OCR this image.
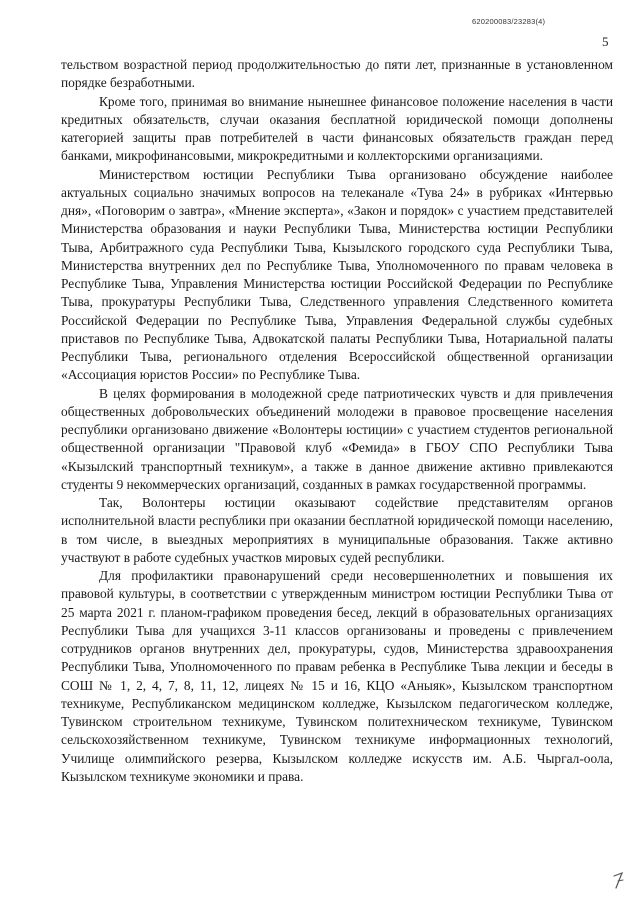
620200083/23283(4)
5

тельством возрастной период продолжительностью до пяти лет, признанные в установленном порядке безработными.

Кроме того, принимая во внимание нынешнее финансовое положение населения в части кредитных обязательств, случаи оказания бесплатной юридической помощи дополнены категорией защиты прав потребителей в части финансовых обязательств граждан перед банками, микрофинансовыми, микрокредитными и коллекторскими организациями.

Министерством юстиции Республики Тыва организовано обсуждение наиболее актуальных социально значимых вопросов на телеканале «Тува 24» в рубриках «Интервью дня», «Поговорим о завтра», «Мнение эксперта», «Закон и порядок» с участием представителей Министерства образования и науки Республики Тыва, Министерства юстиции Республики Тыва, Арбитражного суда Республики Тыва, Кызылского городского суда Республики Тыва, Министерства внутренних дел по Республике Тыва, Уполномоченного по правам человека в Республике Тыва, Управления Министерства юстиции Российской Федерации по Республике Тыва, прокуратуры Республики Тыва, Следственного управления Следственного комитета Российской Федерации по Республике Тыва, Управления Федеральной службы судебных приставов по Республике Тыва, Адвокатской палаты Республики Тыва, Нотариальной палаты Республики Тыва, регионального отделения Всероссийской общественной организации «Ассоциация юристов России» по Республике Тыва.

В целях формирования в молодежной среде патриотических чувств и для привлечения общественных добровольческих объединений молодежи в правовое просвещение населения республики организовано движение «Волонтеры юстиции» с участием студентов региональной общественной организации "Правовой клуб «Фемида» в ГБОУ СПО Республики Тыва «Кызылский транспортный техникум», а также в данное движение активно привлекаются студенты 9 некоммерческих организаций, созданных в рамках государственной программы.

Так, Волонтеры юстиции оказывают содействие представителям органов исполнительной власти республики при оказании бесплатной юридической помощи населению, в том числе, в выездных мероприятиях в муниципальные образования. Также активно участвуют в работе судебных участков мировых судей республики.

Для профилактики правонарушений среди несовершеннолетних и повышения их правовой культуры, в соответствии с утвержденным министром юстиции Республики Тыва от 25 марта 2021 г. планом-графиком проведения бесед, лекций в образовательных организациях Республики Тыва для учащихся 3-11 классов организованы и проведены с привлечением сотрудников органов внутренних дел, прокуратуры, судов, Министерства здравоохранения Республики Тыва, Уполномоченного по правам ребенка в Республике Тыва лекции и беседы в СОШ № 1, 2, 4, 7, 8, 11, 12, лицеях № 15 и 16, КЦО «Аныяк», Кызылском транспортном техникуме, Республиканском медицинском колледже, Кызылском педагогическом колледже, Тувинском строительном техникуме, Тувинском политехническом техникуме, Тувинском сельскохозяйственном техникуме, Тувинском техникуме информационных технологий, Училище олимпийского резерва, Кызылском колледже искусств им. А.Б. Чыргал-оола, Кызылском техникуме экономики и права.
